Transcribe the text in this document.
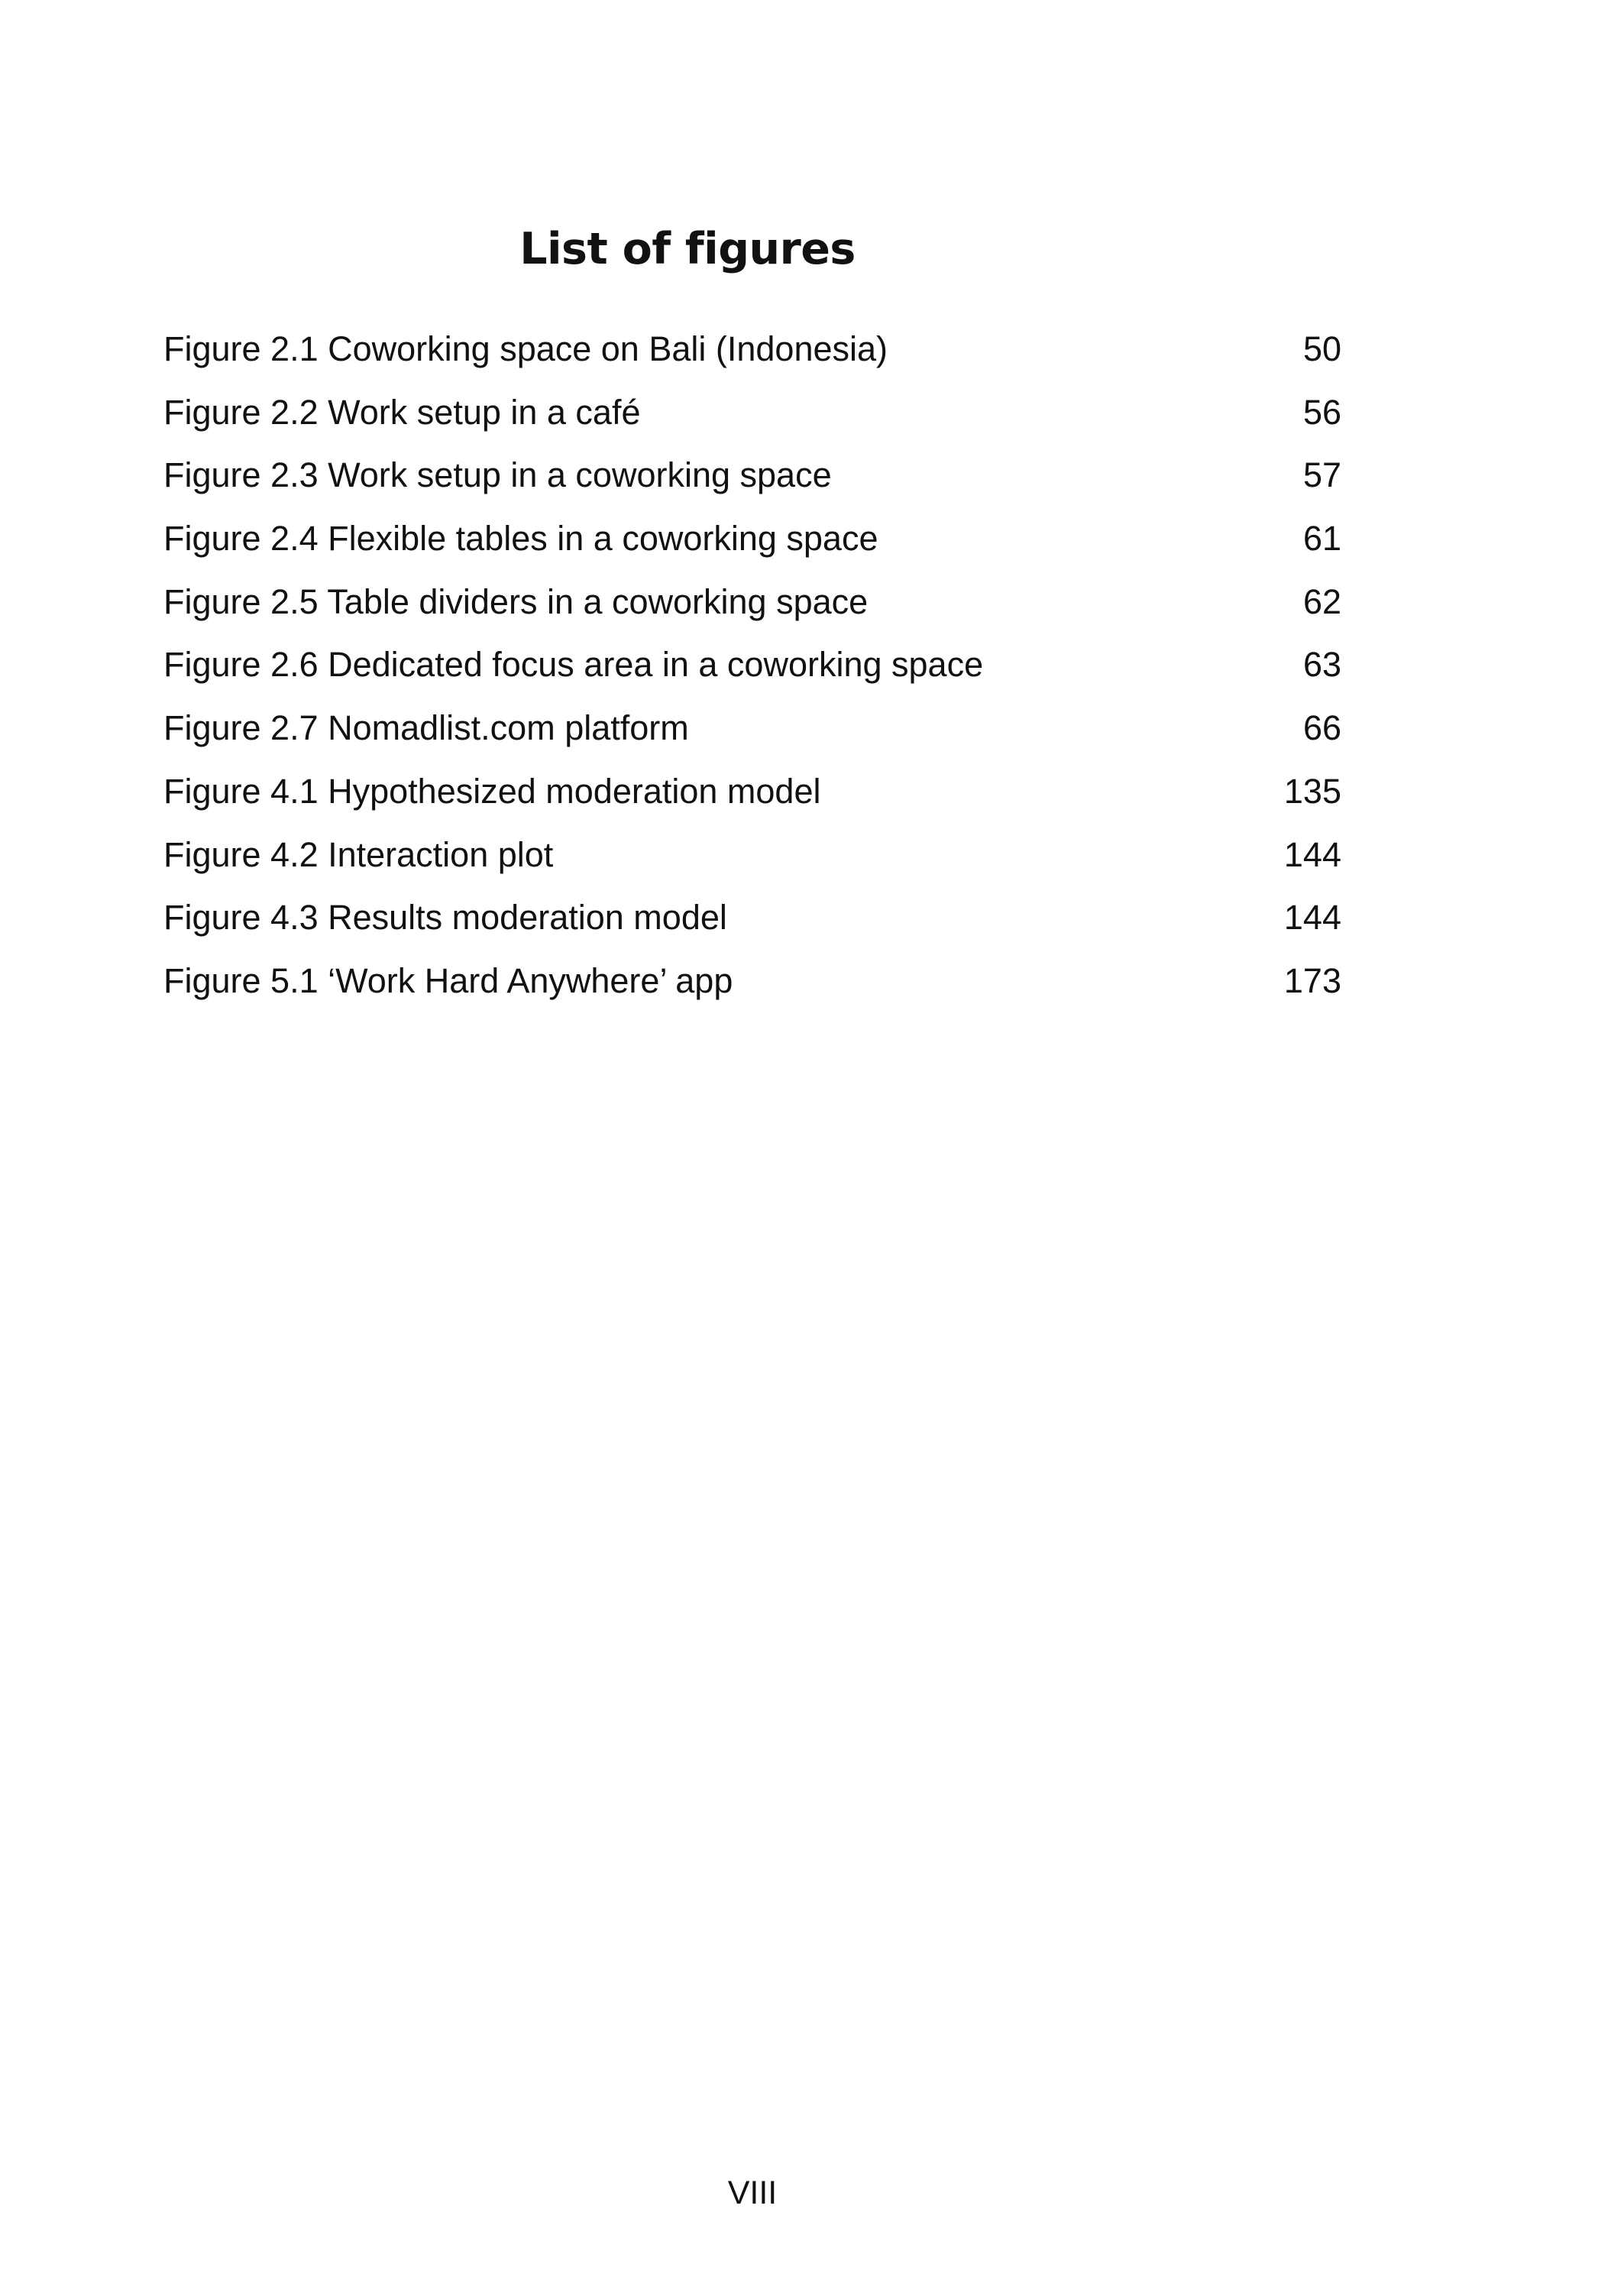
List of figures
Figure 2.1 Coworking space on Bali (Indonesia)	50
Figure 2.2 Work setup in a café	56
Figure 2.3 Work setup in a coworking space	57
Figure 2.4 Flexible tables in a coworking space	61
Figure 2.5 Table dividers in a coworking space	62
Figure 2.6 Dedicated focus area in a coworking space	63
Figure 2.7 Nomadlist.com platform	66
Figure 4.1 Hypothesized moderation model	135
Figure 4.2 Interaction plot	144
Figure 4.3 Results moderation model	144
Figure 5.1 ‘Work Hard Anywhere’ app	173
VIII
